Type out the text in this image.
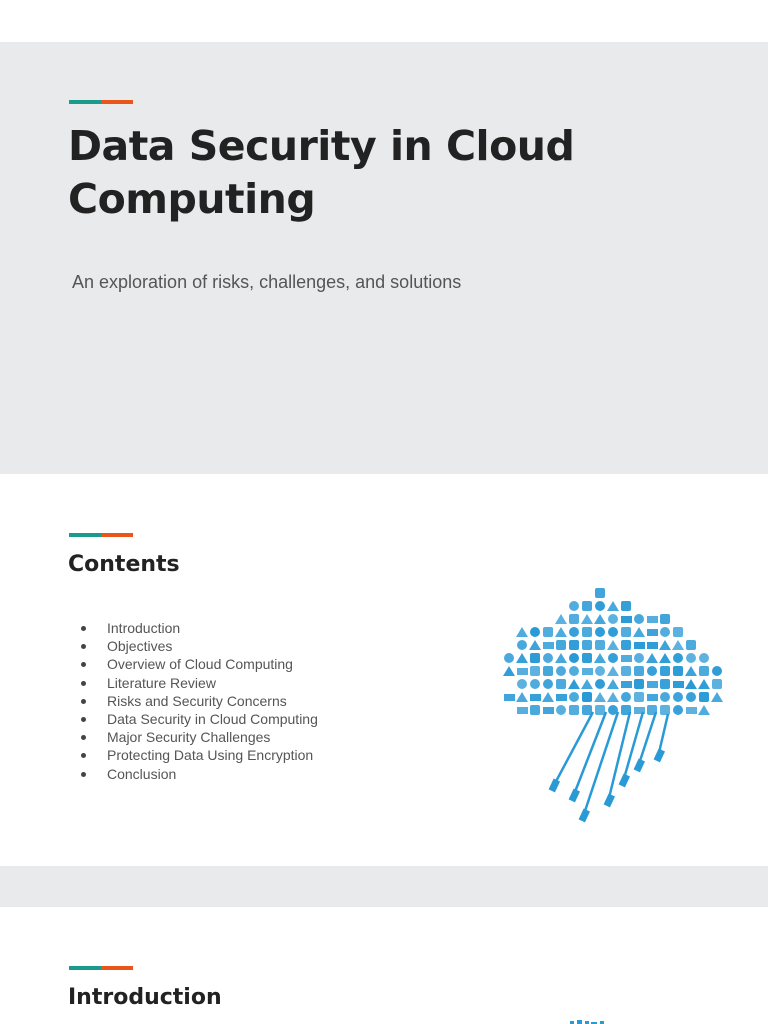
Data Security in Cloud Computing

An exploration of risks, challenges, and solutions

Contents
Introduction
Objectives
Overview of Cloud Computing
Literature Review
Risks and Security Concerns
Data Security in Cloud Computing
Major Security Challenges
Protecting Data Using Encryption
Conclusion
Introduction
